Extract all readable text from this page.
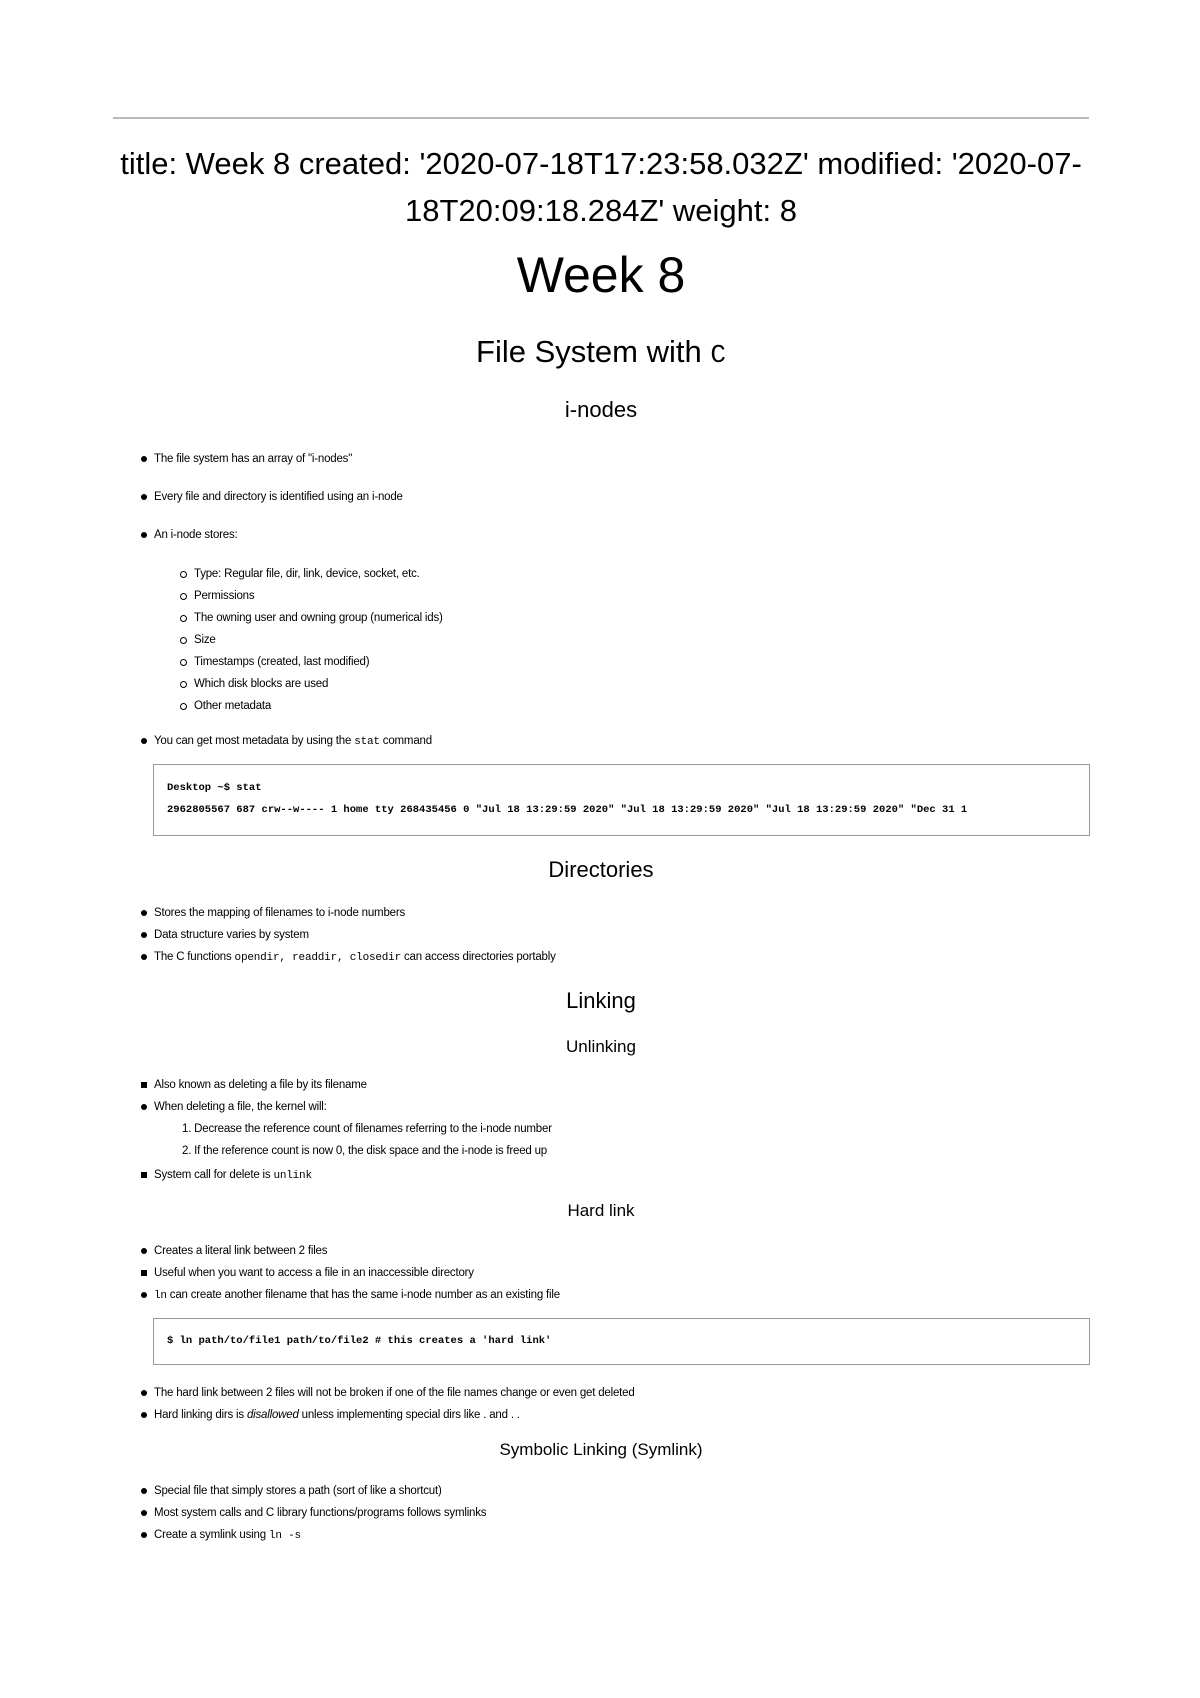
title: Week 8 created: '2020-07-18T17:23:58.032Z' modified: '2020-07-18T20:09:18.284Z' weight: 8
Week 8
File System with C
i-nodes
The file system has an array of "i-nodes"
Every file and directory is identified using an i-node
An i-node stores:
Type: Regular file, dir, link, device, socket, etc.
Permissions
The owning user and owning group (numerical ids)
Size
Timestamps (created, last modified)
Which disk blocks are used
Other metadata
You can get most metadata by using the stat command
Desktop ~$ stat
2962805567 687 crw--w---- 1 home tty 268435456 0 "Jul 18 13:29:59 2020" "Jul 18 13:29:59 2020" "Jul 18 13:29:59 2020" "Dec 31 1
Directories
Stores the mapping of filenames to i-node numbers
Data structure varies by system
The C functions opendir, readdir, closedir can access directories portably
Linking
Unlinking
Also known as deleting a file by its filename
When deleting a file, the kernel will:
1. Decrease the reference count of filenames referring to the i-node number
2. If the reference count is now 0, the disk space and the i-node is freed up
System call for delete is unlink
Hard link
Creates a literal link between 2 files
Useful when you want to access a file in an inaccessible directory
ln can create another filename that has the same i-node number as an existing file
$ ln path/to/file1 path/to/file2 # this creates a 'hard link'
The hard link between 2 files will not be broken if one of the file names change or even get deleted
Hard linking dirs is disallowed unless implementing special dirs like . and . .
Symbolic Linking (Symlink)
Special file that simply stores a path (sort of like a shortcut)
Most system calls and C library functions/programs follows symlinks
Create a symlink using ln -s
